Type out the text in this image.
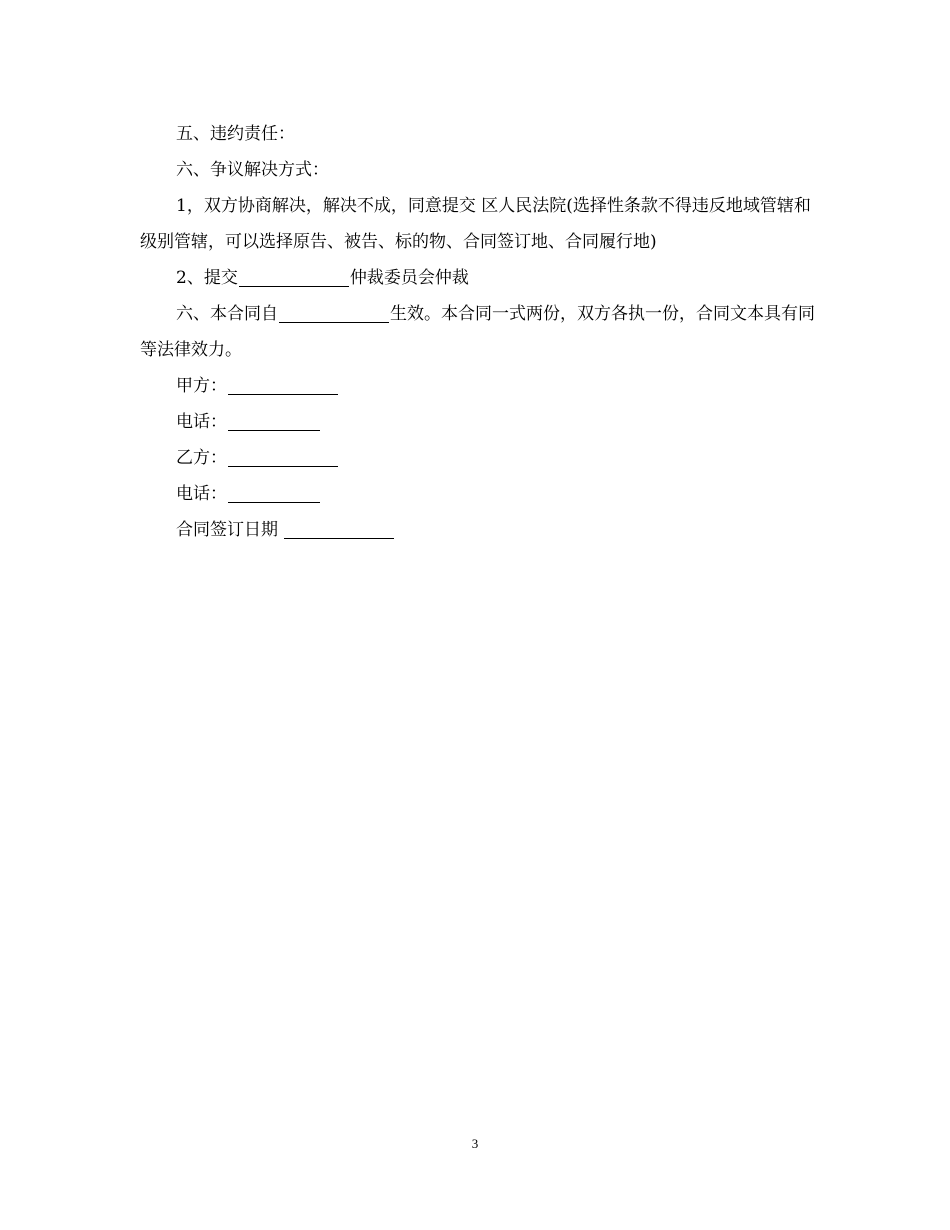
五、违约责任：

六、争议解决方式：

1，双方协商解决，解决不成，同意提交 区人民法院(选择性条款不得违反地域管辖和级别管辖，可以选择原告、被告、标的物、合同签订地、合同履行地)

2、提交	仲裁委员会仲裁

六、本合同自	生效。本合同一式两份，双方各执一份，合同文本具有同等法律效力。

甲方：

电话：

乙方：

电话：

合同签订日期

3
